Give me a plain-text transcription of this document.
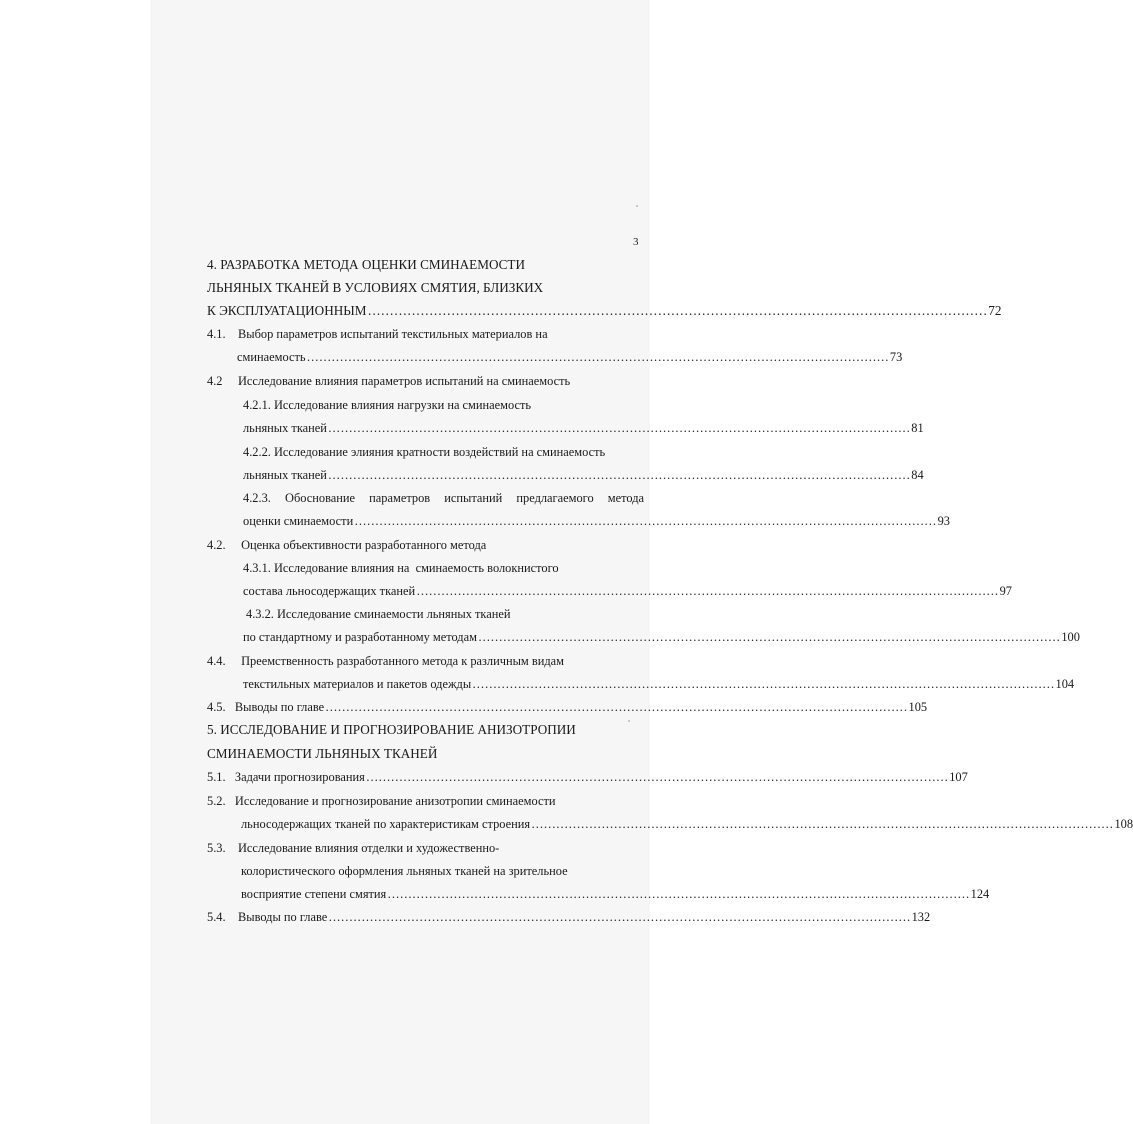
3
4. РАЗРАБОТКА МЕТОДА ОЦЕНКИ СМИНАЕМОСТИ
ЛЬНЯНЫХ ТКАНЕЙ В УСЛОВИЯХ СМЯТИЯ, БЛИЗКИХ
К ЭКСПЛУАТАЦИОННЫМ …………………………………………………………………………………………………………………………… 72
4.1.    Выбор параметров испытаний текстильных материалов на
сминаемость …………………………………………………………………………………………………………………………… 73
4.2     Исследование влияния параметров испытаний на сминаемость
4.2.1. Исследование влияния нагрузки на сминаемость
льняных тканей …………………………………………………………………………………………………………………………… 81
4.2.2. Исследование элияния кратности воздействий на сминаемость
льняных тканей …………………………………………………………………………………………………………………………… 84
4.2.3. Обоснование параметров испытаний предлагаемого метода
оценки сминаемости …………………………………………………………………………………………………………………………… 93
4.2.     Оценка объективности разработанного метода
4.3.1. Исследование влияния на  сминаемость волокнистого
состава льносодержащих тканей …………………………………………………………………………………………………………………………… 97
4.3.2. Исследование сминаемости льняных тканей
по стандартному и разработанному методам …………………………………………………………………………………………………………………………… 100
4.4.     Преемственность разработанного метода к различным видам
текстильных материалов и пакетов одежды …………………………………………………………………………………………………………………………… 104
4.5.   Выводы по главе …………………………………………………………………………………………………………………………… 105
5. ИССЛЕДОВАНИЕ И ПРОГНОЗИРОВАНИЕ АНИЗОТРОПИИ
СМИНАЕМОСТИ ЛЬНЯНЫХ ТКАНЕЙ
5.1.   Задачи прогнозирования …………………………………………………………………………………………………………………………… 107
5.2.   Исследование и прогнозирование анизотропии сминаемости
льносодержащих тканей по характеристикам строения …………………………………………………………………………………………………………………………… 108
5.3.    Исследование влияния отделки и художественно-
колористического оформления льняных тканей на зрительное
восприятие степени смятия …………………………………………………………………………………………………………………………… 124
5.4.    Выводы по главе …………………………………………………………………………………………………………………………… 132
